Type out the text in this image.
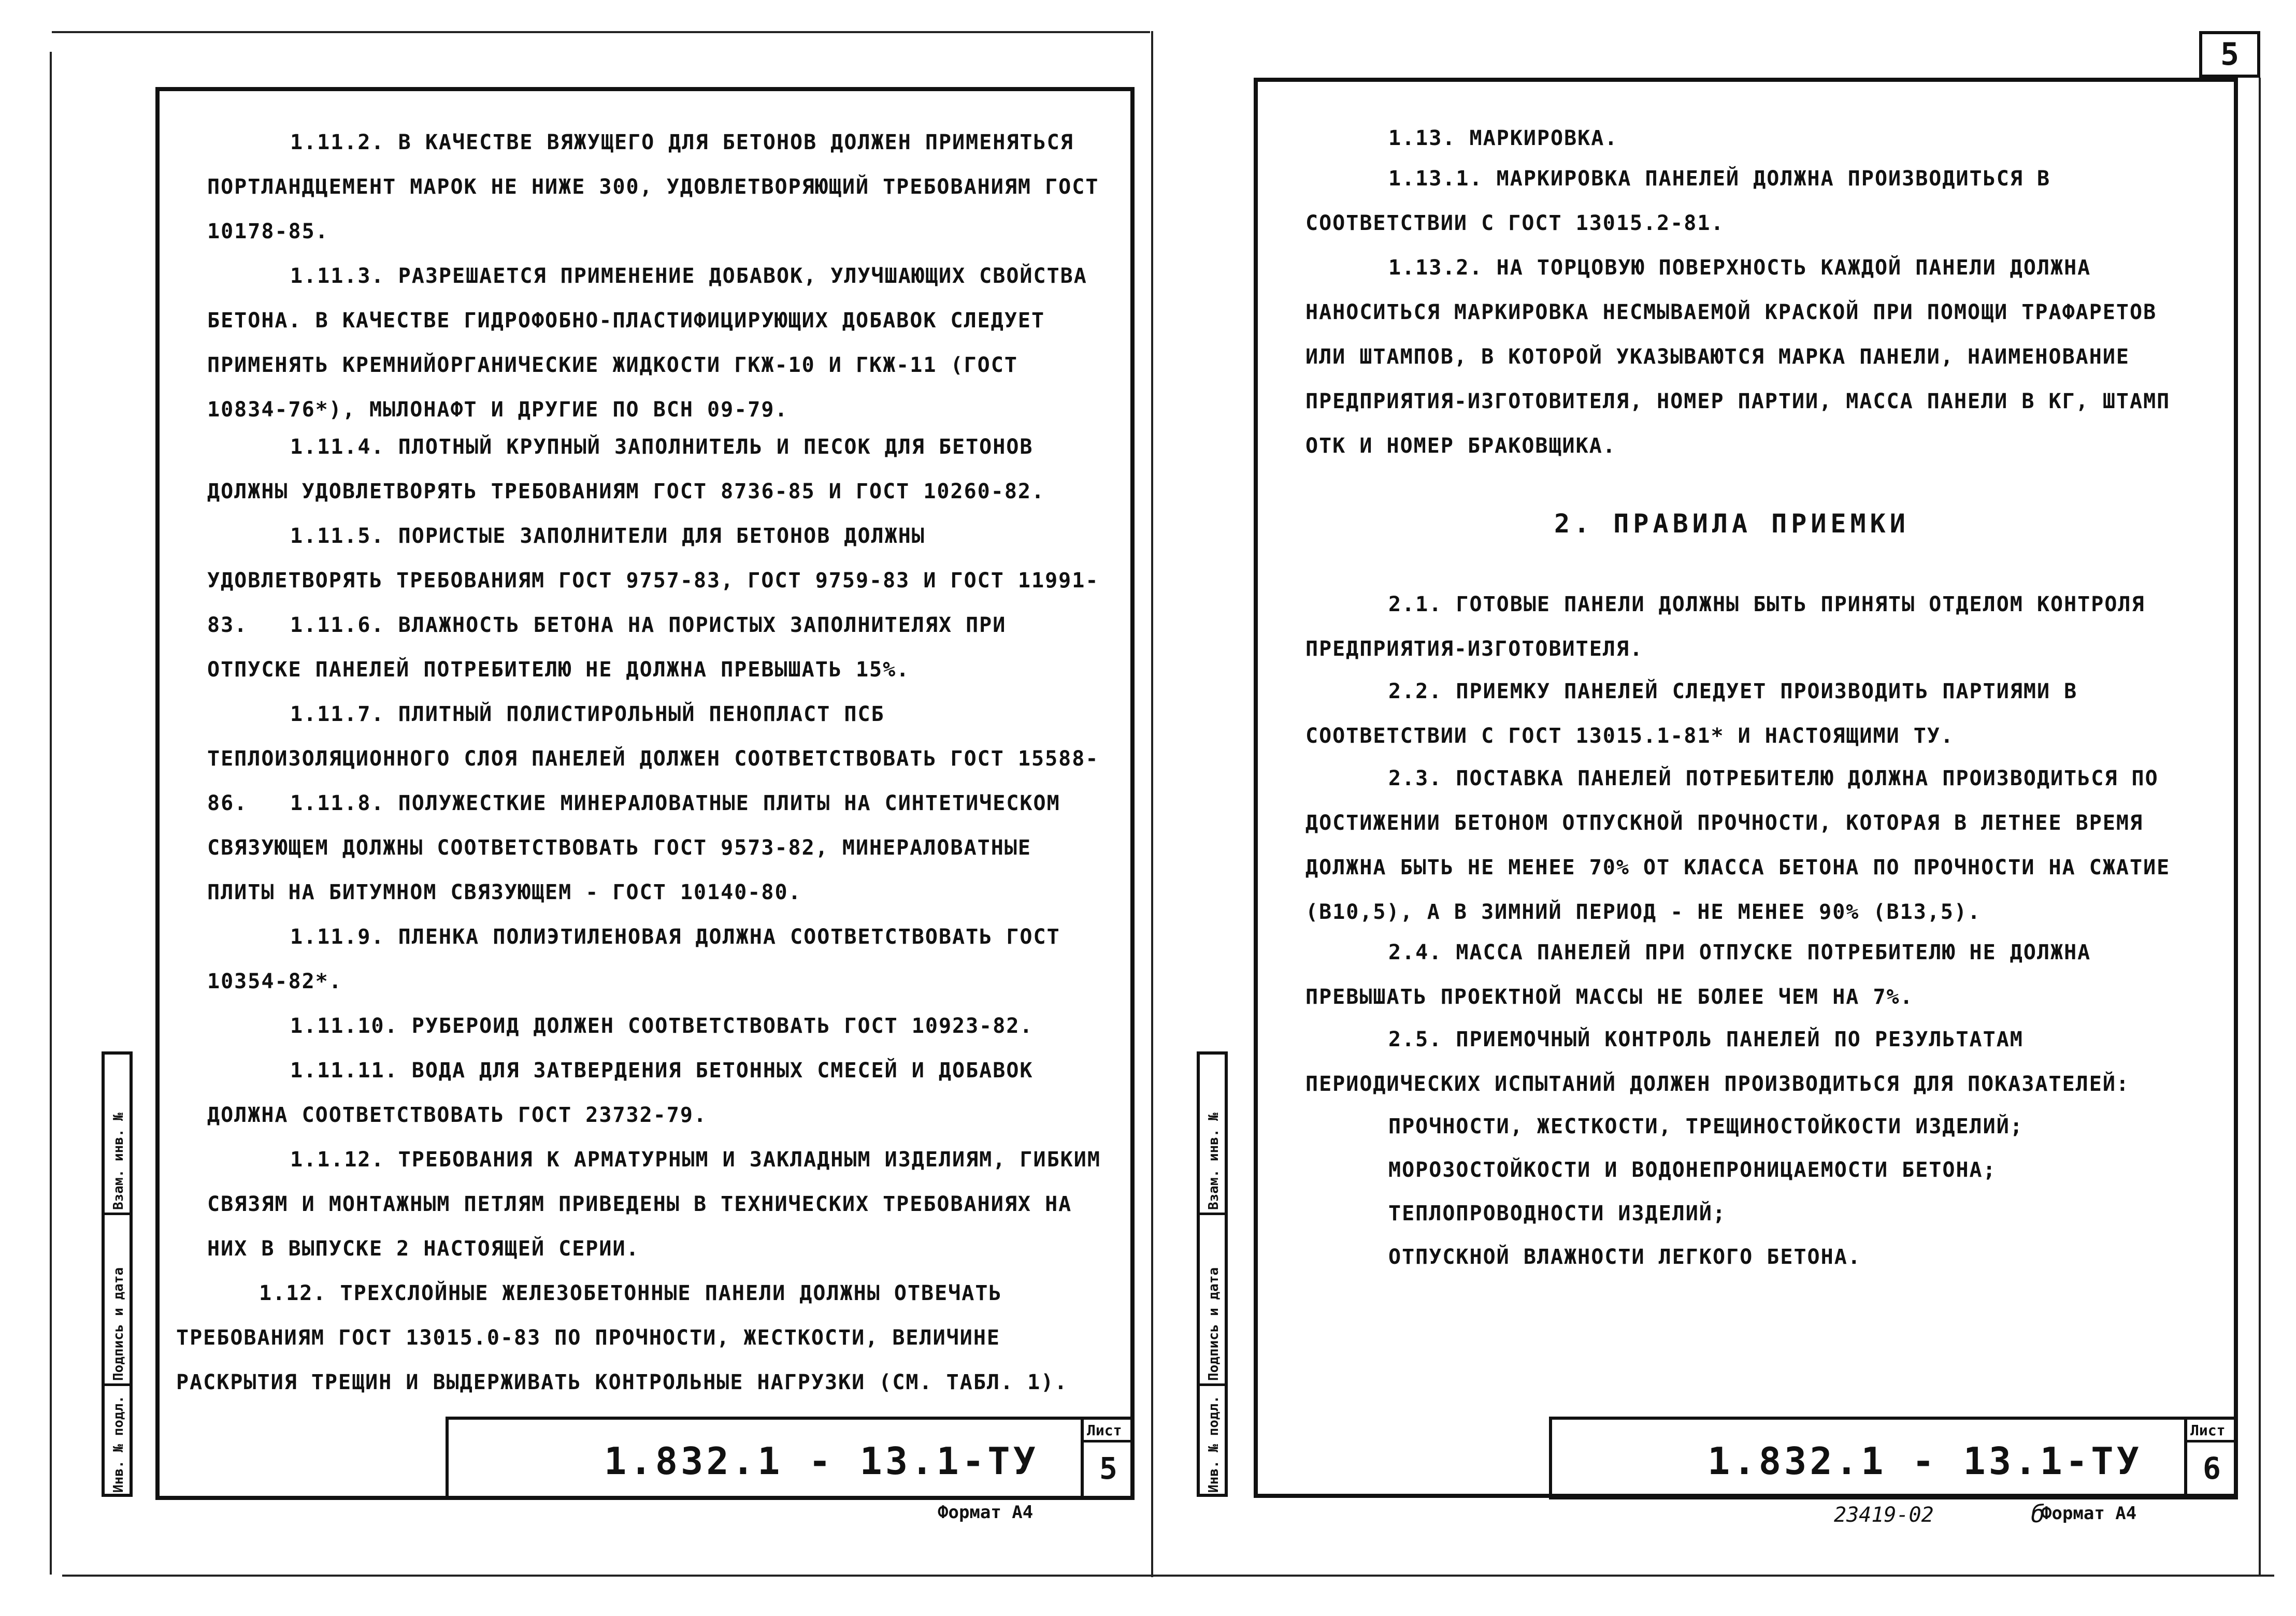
5

1.11.2. В КАЧЕСТВЕ ВЯЖУЩЕГО ДЛЯ БЕТОНОВ ДОЛЖЕН ПРИМЕНЯТЬСЯ ПОРТЛАНДЦЕМЕНТ МАРОК НЕ НИЖЕ 300, УДОВЛЕТВОРЯЮЩИЙ ТРЕБОВАНИЯМ ГОСТ 10178-85.

1.11.3. РАЗРЕШАЕТСЯ ПРИМЕНЕНИЕ ДОБАВОК, УЛУЧШАЮЩИХ СВОЙСТВА БЕТОНА. В КАЧЕСТВЕ ГИДРОФОБНО-ПЛАСТИФИЦИРУЮЩИХ ДОБАВОК СЛЕДУЕТ ПРИМЕНЯТЬ КРЕМНИЙОРГАНИЧЕСКИЕ ЖИДКОСТИ ГКЖ-10 И ГКЖ-11 (ГОСТ 10834-76*), МЫЛОНАФТ И ДРУГИЕ ПО ВСН 09-79.

1.11.4. ПЛОТНЫЙ КРУПНЫЙ ЗАПОЛНИТЕЛЬ И ПЕСОК ДЛЯ БЕТОНОВ ДОЛЖНЫ УДОВЛЕТВОРЯТЬ ТРЕБОВАНИЯМ ГОСТ 8736-85 И ГОСТ 10260-82.

1.11.5. ПОРИСТЫЕ ЗАПОЛНИТЕЛИ ДЛЯ БЕТОНОВ ДОЛЖНЫ УДОВЛЕТВОРЯТЬ ТРЕБОВАНИЯМ ГОСТ 9757-83, ГОСТ 9759-83 И ГОСТ 11991-83.	1.11.6. ВЛАЖНОСТЬ БЕТОНА НА ПОРИСТЫХ ЗАПОЛНИТЕЛЯХ ПРИ ОТПУСКЕ ПАНЕЛЕЙ ПОТРЕБИТЕЛЮ НЕ ДОЛЖНА ПРЕВЫШАТЬ 15%.

1.11.7. ПЛИТНЫЙ ПОЛИСТИРОЛЬНЫЙ ПЕНОПЛАСТ ПСБ ТЕПЛОИЗОЛЯЦИОННОГО СЛОЯ ПАНЕЛЕЙ ДОЛЖЕН СООТВЕТСТВОВАТЬ ГОСТ 15588-86.	1.11.8. ПОЛУЖЕСТКИЕ МИНЕРАЛОВАТНЫЕ ПЛИТЫ НА СИНТЕТИЧЕСКОМ СВЯЗУЮЩЕМ ДОЛЖНЫ СООТВЕТСТВОВАТЬ ГОСТ 9573-82, МИНЕРАЛОВАТНЫЕ ПЛИТЫ НА БИТУМНОМ СВЯЗУЮЩЕМ - ГОСТ 10140-80.

1.11.9. ПЛЕНКА ПОЛИЭТИЛЕНОВАЯ ДОЛЖНА СООТВЕТСТВОВАТЬ ГОСТ 10354-82*.

1.11.10. РУБЕРОИД ДОЛЖЕН СООТВЕТСТВОВАТЬ ГОСТ 10923-82.

1.11.11. ВОДА ДЛЯ ЗАТВЕРДЕНИЯ БЕТОННЫХ СМЕСЕЙ И ДОБАВОК ДОЛЖНА СООТВЕТСТВОВАТЬ ГОСТ 23732-79.

1.1.12. ТРЕБОВАНИЯ К АРМАТУРНЫМ И ЗАКЛАДНЫМ ИЗДЕЛИЯМ, ГИБКИМ СВЯЗЯМ И МОНТАЖНЫМ ПЕТЛЯМ ПРИВЕДЕНЫ В ТЕХНИЧЕСКИХ ТРЕБОВАНИЯХ НА НИХ В ВЫПУСКЕ 2 НАСТОЯЩЕЙ СЕРИИ.

1.12. ТРЕХСЛОЙНЫЕ ЖЕЛЕЗОБЕТОННЫЕ ПАНЕЛИ ДОЛЖНЫ ОТВЕЧАТЬ ТРЕБОВАНИЯМ ГОСТ 13015.0-83 ПО ПРОЧНОСТИ, ЖЕСТКОСТИ, ВЕЛИЧИНЕ РАСКРЫТИЯ ТРЕЩИН И ВЫДЕРЖИВАТЬ КОНТРОЛЬНЫЕ НАГРУЗКИ (СМ. ТАБЛ. 1).

Инв. № подл.
Подпись и дата
Взам. инв. №
1.832.1 - 13.1-ТУ
Лист
5
Формат А4

1.13. МАРКИРОВКА.

1.13.1. МАРКИРОВКА ПАНЕЛЕЙ ДОЛЖНА ПРОИЗВОДИТЬСЯ В СООТВЕТСТВИИ С ГОСТ 13015.2-81.

1.13.2. НА ТОРЦОВУЮ ПОВЕРХНОСТЬ КАЖДОЙ ПАНЕЛИ ДОЛЖНА НАНОСИТЬСЯ МАРКИРОВКА НЕСМЫВАЕМОЙ КРАСКОЙ ПРИ ПОМОЩИ ТРАФАРЕТОВ ИЛИ ШТАМПОВ, В КОТОРОЙ УКАЗЫВАЮТСЯ МАРКА ПАНЕЛИ, НАИМЕНОВАНИЕ ПРЕДПРИЯТИЯ-ИЗГОТОВИТЕЛЯ, НОМЕР ПАРТИИ, МАССА ПАНЕЛИ В КГ, ШТАМП ОТК И НОМЕР БРАКОВЩИКА.

2. ПРАВИЛА ПРИЕМКИ

2.1. ГОТОВЫЕ ПАНЕЛИ ДОЛЖНЫ БЫТЬ ПРИНЯТЫ ОТДЕЛОМ КОНТРОЛЯ ПРЕДПРИЯТИЯ-ИЗГОТОВИТЕЛЯ.

2.2. ПРИЕМКУ ПАНЕЛЕЙ СЛЕДУЕТ ПРОИЗВОДИТЬ ПАРТИЯМИ В СООТВЕТСТВИИ С ГОСТ 13015.1-81* И НАСТОЯЩИМИ ТУ.

2.3. ПОСТАВКА ПАНЕЛЕЙ ПОТРЕБИТЕЛЮ ДОЛЖНА ПРОИЗВОДИТЬСЯ ПО ДОСТИЖЕНИИ БЕТОНОМ ОТПУСКНОЙ ПРОЧНОСТИ, КОТОРАЯ В ЛЕТНЕЕ ВРЕМЯ ДОЛЖНА БЫТЬ НЕ МЕНЕЕ 70% ОТ КЛАССА БЕТОНА ПО ПРОЧНОСТИ НА СЖАТИЕ (В10,5), А В ЗИМНИЙ ПЕРИОД - НЕ МЕНЕЕ 90% (В13,5).

2.4. МАССА ПАНЕЛЕЙ ПРИ ОТПУСКЕ ПОТРЕБИТЕЛЮ НЕ ДОЛЖНА ПРЕВЫШАТЬ ПРОЕКТНОЙ МАССЫ НЕ БОЛЕЕ ЧЕМ НА 7%.

2.5. ПРИЕМОЧНЫЙ КОНТРОЛЬ ПАНЕЛЕЙ ПО РЕЗУЛЬТАТАМ ПЕРИОДИЧЕСКИХ ИСПЫТАНИЙ ДОЛЖЕН ПРОИЗВОДИТЬСЯ ДЛЯ ПОКАЗАТЕЛЕЙ:

ПРОЧНОСТИ, ЖЕСТКОСТИ, ТРЕЩИНОСТОЙКОСТИ ИЗДЕЛИЙ;

МОРОЗОСТОЙКОСТИ И ВОДОНЕПРОНИЦАЕМОСТИ БЕТОНА;

ТЕПЛОПРОВОДНОСТИ ИЗДЕЛИЙ;

ОТПУСКНОЙ ВЛАЖНОСТИ ЛЕГКОГО БЕТОНА.

Инв. № подл.
Подпись и дата
Взам. инв. №
1.832.1 - 13.1-ТУ
Лист
6
23419-02	б
Формат А4
